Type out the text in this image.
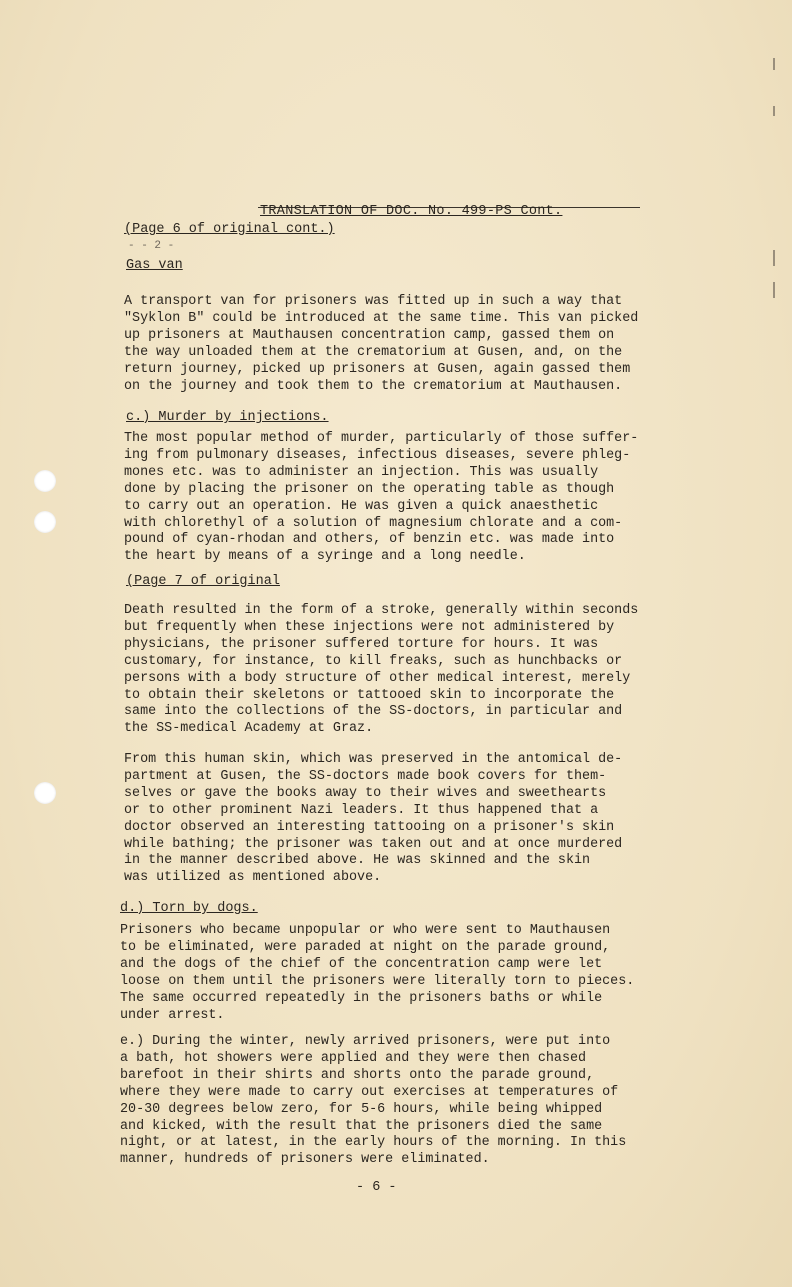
TRANSLATION OF DOC. No. 499-PS Cont.
(Page 6 of original cont.)
- - 2 -
Gas van
A transport van for prisoners was fitted up in such a way that
"Syklon B" could be introduced at the same time. This van picked
up prisoners at Mauthausen concentration camp, gassed them on
the way unloaded them at the crematorium at Gusen, and, on the
return journey, picked up prisoners at Gusen, again gassed them
on the journey and took them to the crematorium at Mauthausen.
c.) Murder by injections.
The most popular method of murder, particularly of those suffer-
ing from pulmonary diseases, infectious diseases, severe phleg-
mones etc. was to administer an injection. This was usually
done by placing the prisoner on the operating table as though
to carry out an operation. He was given a quick anaesthetic
with chlorethyl of a solution of magnesium chlorate and a com-
pound of cyan-rhodan and others, of benzin etc. was made into
the heart by means of a syringe and a long needle.
(Page 7 of original
Death resulted in the form of a stroke, generally within seconds
but frequently when these injections were not administered by
physicians, the prisoner suffered torture for hours. It was
customary, for instance, to kill freaks, such as hunchbacks or
persons with a body structure of other medical interest, merely
to obtain their skeletons or tattooed skin to incorporate the
same into the collections of the SS-doctors, in particular and
the SS-medical Academy at Graz.
From this human skin, which was preserved in the antomical de-
partment at Gusen, the SS-doctors made book covers for them-
selves or gave the books away to their wives and sweethearts
or to other prominent Nazi leaders. It thus happened that a
doctor observed an interesting tattooing on a prisoner's skin
while bathing; the prisoner was taken out and at once murdered
in the manner described above. He was skinned and the skin
was utilized as mentioned above.
d.) Torn by dogs.
Prisoners who became unpopular or who were sent to Mauthausen
to be eliminated, were paraded at night on the parade ground,
and the dogs of the chief of the concentration camp were let
loose on them until the prisoners were literally torn to pieces.
The same occurred repeatedly in the prisoners baths or while
under arrest.
e.) During the winter, newly arrived prisoners, were put into
a bath, hot showers were applied and they were then chased
barefoot in their shirts and shorts onto the parade ground,
where they were made to carry out exercises at temperatures of
20-30 degrees below zero, for 5-6 hours, while being whipped
and kicked, with the result that the prisoners died the same
night, or at latest, in the early hours of the morning. In this
manner, hundreds of prisoners were eliminated.
- 6 -
